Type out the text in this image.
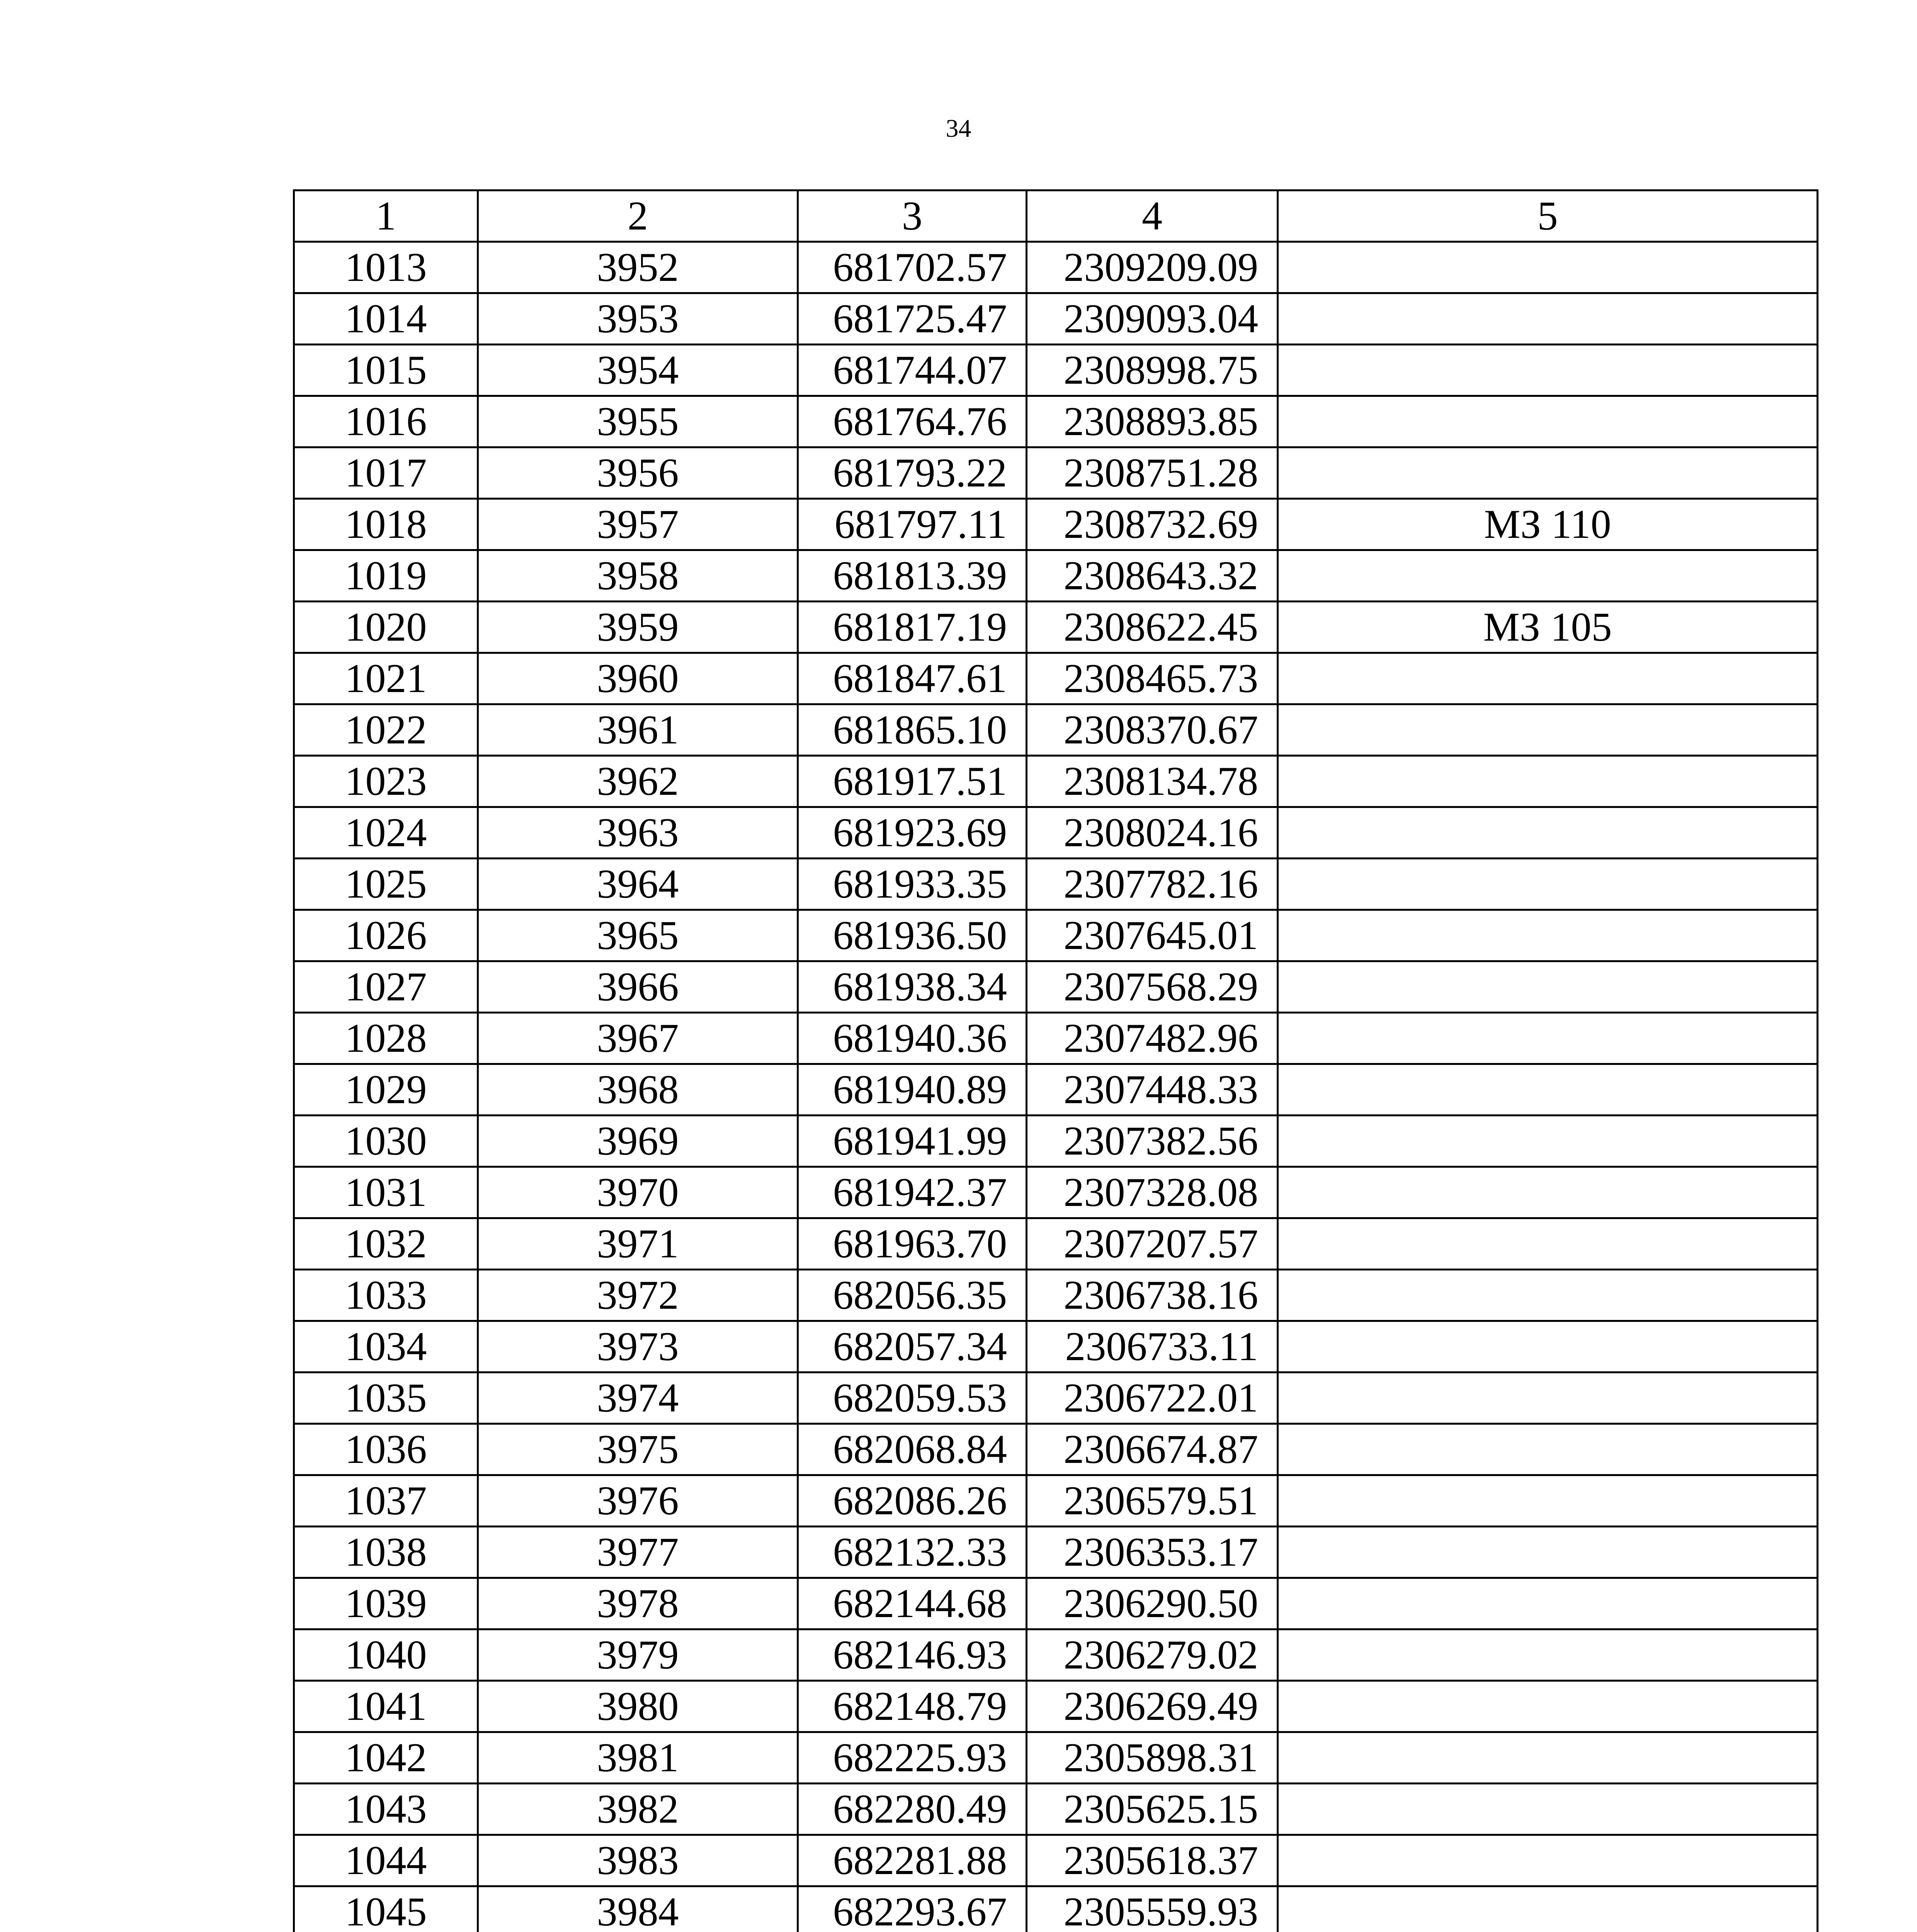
34
1	2	3	4	5
1013	3952	681702.57	2309209.09	
1014	3953	681725.47	2309093.04	
1015	3954	681744.07	2308998.75	
1016	3955	681764.76	2308893.85	
1017	3956	681793.22	2308751.28	
1018	3957	681797.11	2308732.69	МЗ 110
1019	3958	681813.39	2308643.32	
1020	3959	681817.19	2308622.45	МЗ 105
1021	3960	681847.61	2308465.73	
1022	3961	681865.10	2308370.67	
1023	3962	681917.51	2308134.78	
1024	3963	681923.69	2308024.16	
1025	3964	681933.35	2307782.16	
1026	3965	681936.50	2307645.01	
1027	3966	681938.34	2307568.29	
1028	3967	681940.36	2307482.96	
1029	3968	681940.89	2307448.33	
1030	3969	681941.99	2307382.56	
1031	3970	681942.37	2307328.08	
1032	3971	681963.70	2307207.57	
1033	3972	682056.35	2306738.16	
1034	3973	682057.34	2306733.11	
1035	3974	682059.53	2306722.01	
1036	3975	682068.84	2306674.87	
1037	3976	682086.26	2306579.51	
1038	3977	682132.33	2306353.17	
1039	3978	682144.68	2306290.50	
1040	3979	682146.93	2306279.02	
1041	3980	682148.79	2306269.49	
1042	3981	682225.93	2305898.31	
1043	3982	682280.49	2305625.15	
1044	3983	682281.88	2305618.37	
1045	3984	682293.67	2305559.93	
